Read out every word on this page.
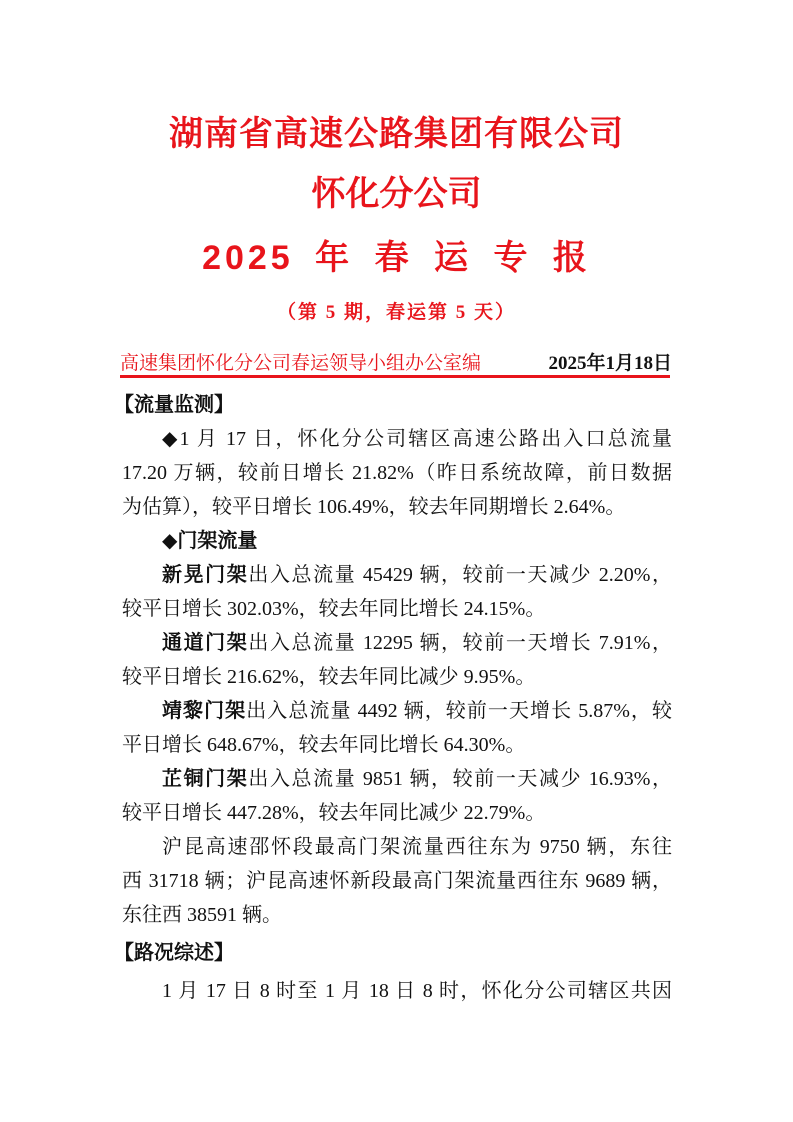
湖南省高速公路集团有限公司
怀化分公司
2025 年 春 运 专 报
（第 5 期，春运第 5 天）
高速集团怀化分公司春运领导小组办公室编	2025年1月18日
【流量监测】
◆1 月 17 日，怀化分公司辖区高速公路出入口总流量
17.20 万辆，较前日增长 21.82%（昨日系统故障，前日数据
为估算），较平日增长 106.49%，较去年同期增长 2.64%。
◆门架流量
新晃门架出入总流量 45429 辆，较前一天减少 2.20%，
较平日增长 302.03%，较去年同比增长 24.15%。
通道门架出入总流量 12295 辆，较前一天增长 7.91%，
较平日增长 216.62%，较去年同比减少 9.95%。
靖黎门架出入总流量 4492 辆，较前一天增长 5.87%，较
平日增长 648.67%，较去年同比增长 64.30%。
芷铜门架出入总流量 9851 辆，较前一天减少 16.93%，
较平日增长 447.28%，较去年同比减少 22.79%。
沪昆高速邵怀段最高门架流量西往东为 9750 辆，东往
西 31718 辆；沪昆高速怀新段最高门架流量西往东 9689 辆，
东往西 38591 辆。
【路况综述】
1 月 17 日 8 时至 1 月 18 日 8 时，怀化分公司辖区共因
